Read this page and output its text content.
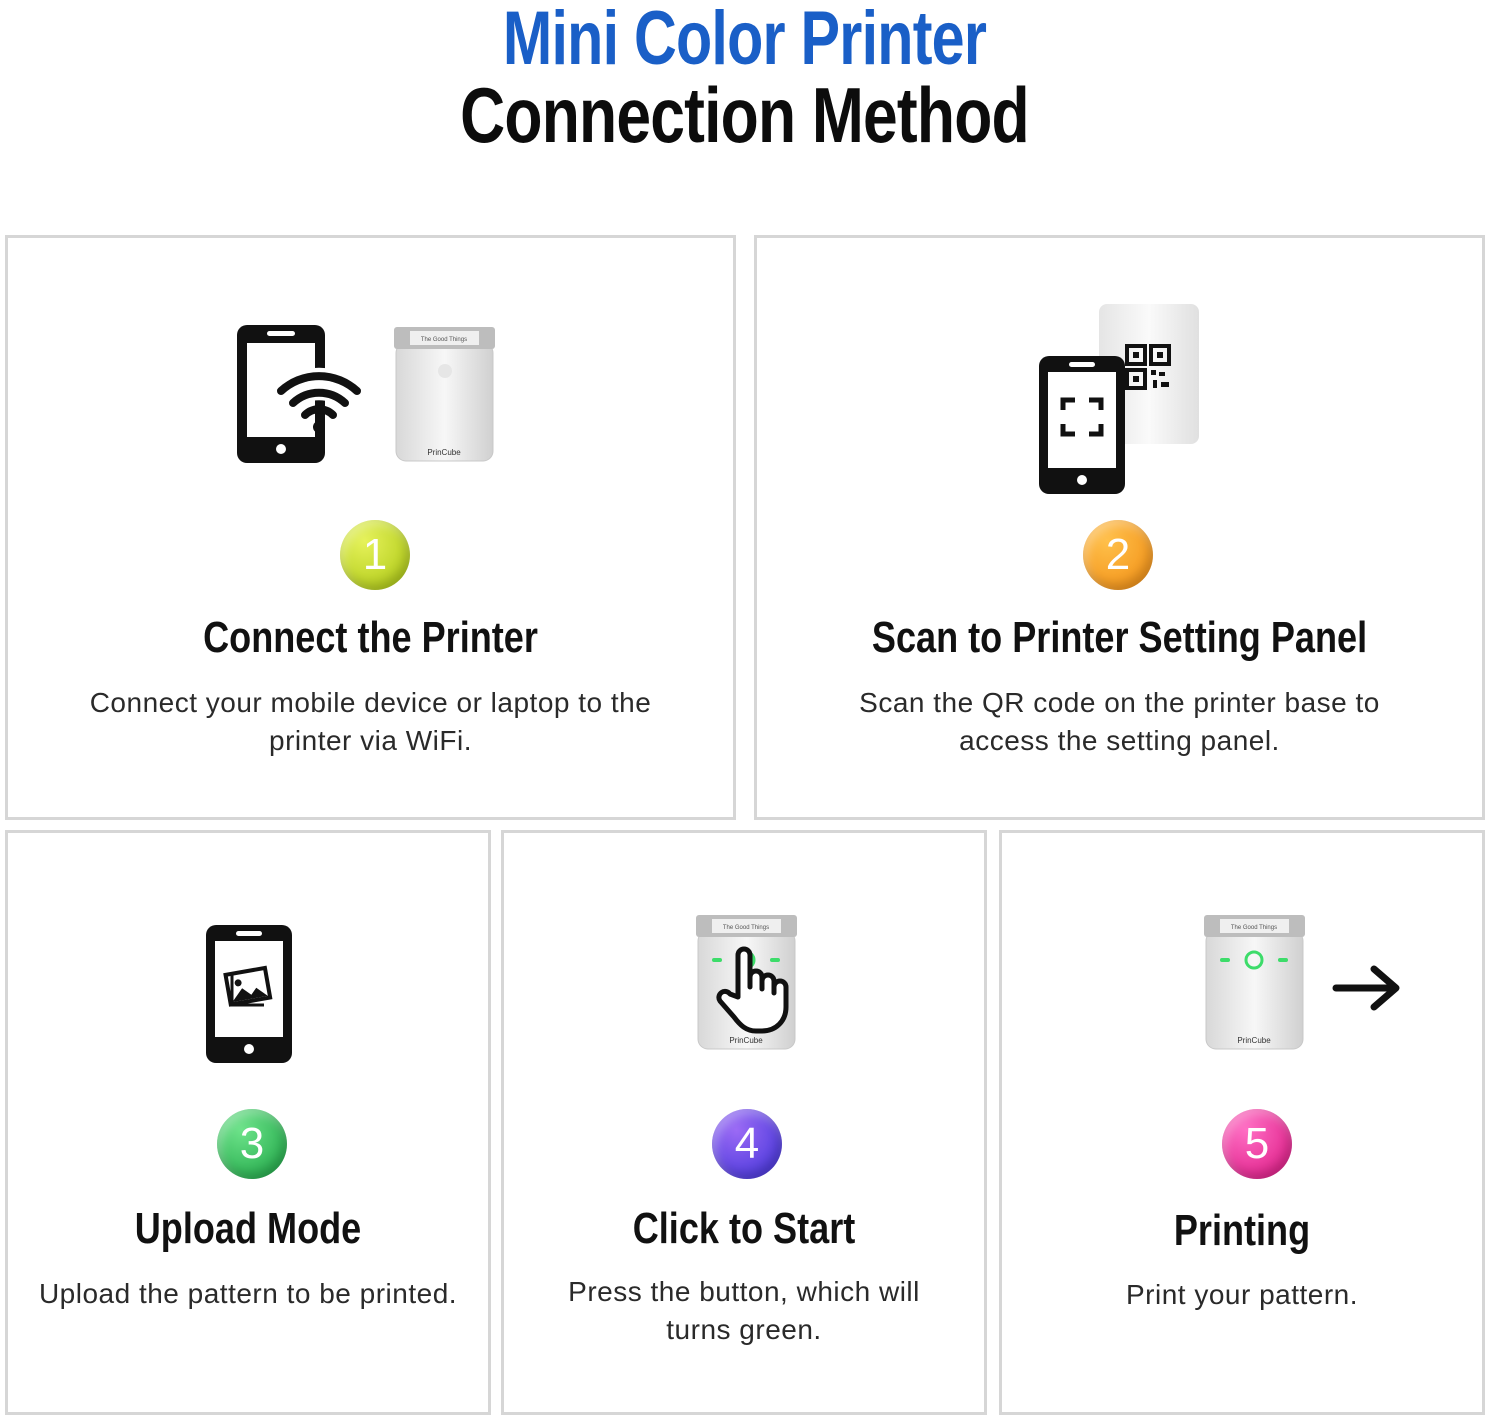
Mini Color Printer
Connection Method
The Good Things
PrinCube
1
Connect the Printer
Connect your mobile device or laptop to the printer via WiFi.
2
Scan to Printer Setting Panel
Scan the QR code on the printer base to access the setting panel.
3
Upload Mode
Upload the pattern to be printed.
The Good Things
PrinCube
4
Click to Start
Press the button, which will turns green.
The Good Things
PrinCube
5
Printing
Print your pattern.
